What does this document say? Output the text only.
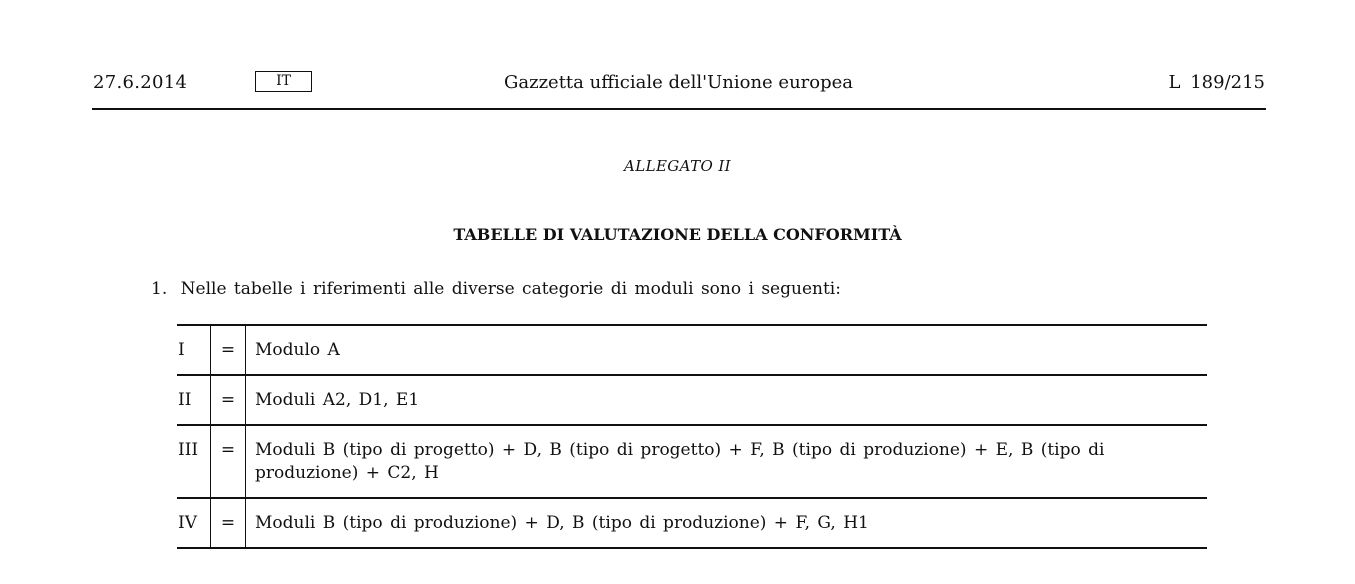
27.6.2014	IT	Gazzetta ufficiale dell'Unione europea	L 189/215
ALLEGATO II
TABELLE DI VALUTAZIONE DELLA CONFORMITÀ
1. Nelle tabelle i riferimenti alle diverse categorie di moduli sono i seguenti:
I	=	Modulo A
II	=	Moduli A2, D1, E1
III	=	Moduli B (tipo di progetto) + D, B (tipo di progetto) + F, B (tipo di produzione) + E, B (tipo di produzione) + C2, H
IV	=	Moduli B (tipo di produzione) + D, B (tipo di produzione) + F, G, H1
